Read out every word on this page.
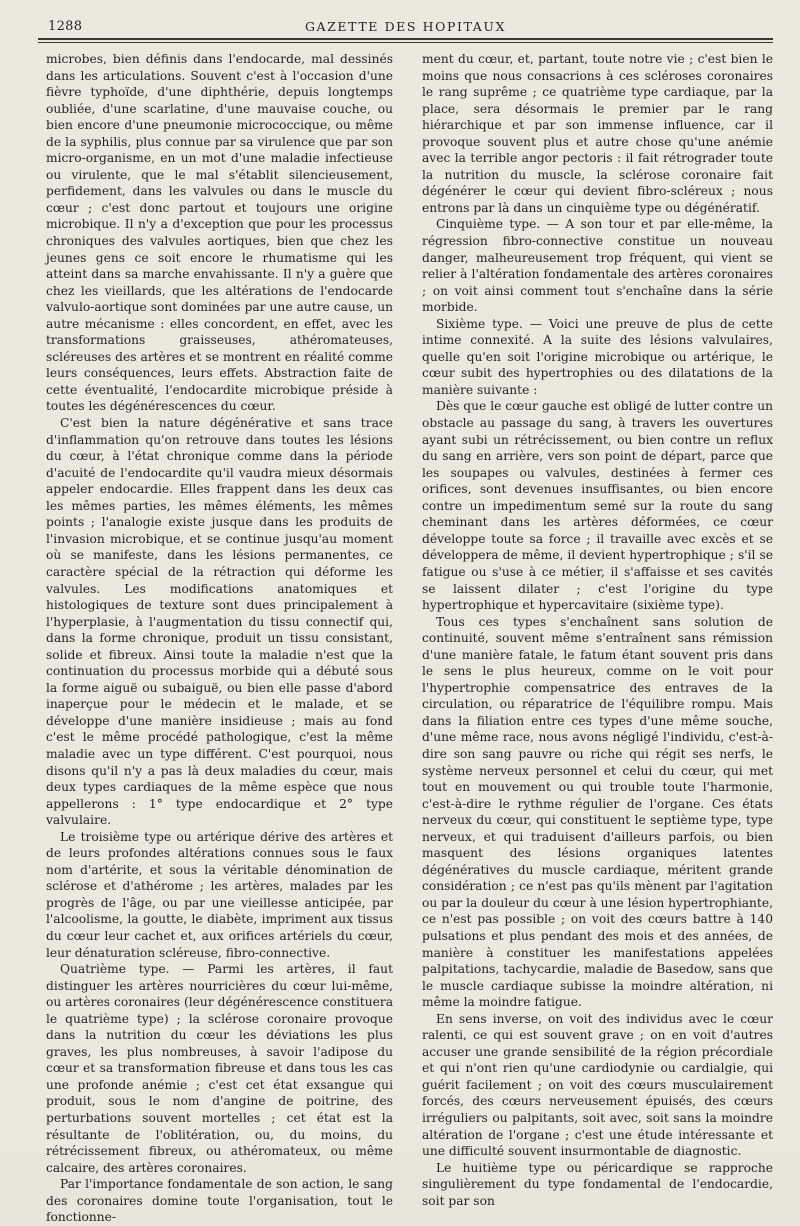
1288	GAZETTE DES HOPITAUX

microbes, bien définis dans l'endocarde, mal dessinés dans les articulations. Souvent c'est à l'occasion d'une fièvre typhoïde, d'une diphthérie, depuis longtemps oubliée, d'une scarlatine, d'une mauvaise couche, ou bien encore d'une pneumonie micrococcique, ou même de la syphilis, plus connue par sa virulence que par son micro-organisme, en un mot d'une maladie infectieuse ou virulente, que le mal s'établit silencieusement, perfidement, dans les valvules ou dans le muscle du cœur ; c'est donc partout et toujours une origine microbique. Il n'y a d'exception que pour les processus chroniques des valvules aortiques, bien que chez les jeunes gens ce soit encore le rhumatisme qui les atteint dans sa marche envahissante. Il n'y a guère que chez les vieillards, que les altérations de l'endocarde valvulo-aortique sont dominées par une autre cause, un autre mécanisme : elles concordent, en effet, avec les transformations graisseuses, athéromateuses, scléreuses des artères et se montrent en réalité comme leurs conséquences, leurs effets. Abstraction faite de cette éventualité, l'endocardite microbique préside à toutes les dégénérescences du cœur.

C'est bien la nature dégénérative et sans trace d'inflammation qu'on retrouve dans toutes les lésions du cœur, à l'état chronique comme dans la période d'acuité de l'endocardite qu'il vaudra mieux désormais appeler endocardie. Elles frappent dans les deux cas les mêmes parties, les mêmes éléments, les mêmes points ; l'analogie existe jusque dans les produits de l'invasion microbique, et se continue jusqu'au moment où se manifeste, dans les lésions permanentes, ce caractère spécial de la rétraction qui déforme les valvules. Les modifications anatomiques et histologiques de texture sont dues principalement à l'hyperplasie, à l'augmentation du tissu connectif qui, dans la forme chronique, produit un tissu consistant, solide et fibreux. Ainsi toute la maladie n'est que la continuation du processus morbide qui a débuté sous la forme aiguë ou subaiguë, ou bien elle passe d'abord inaperçue pour le médecin et le malade, et se développe d'une manière insidieuse ; mais au fond c'est le même procédé pathologique, c'est la même maladie avec un type différent. C'est pourquoi, nous disons qu'il n'y a pas là deux maladies du cœur, mais deux types cardiaques de la même espèce que nous appellerons : 1° type endocardique et 2° type valvulaire.

Le troisième type ou artérique dérive des artères et de leurs profondes altérations connues sous le faux nom d'artérite, et sous la véritable dénomination de sclérose et d'athérome ; les artères, malades par les progrès de l'âge, ou par une vieillesse anticipée, par l'alcoolisme, la goutte, le diabète, impriment aux tissus du cœur leur cachet et, aux orifices artériels du cœur, leur dénaturation scléreuse, fibro-connective.

Quatrième type. — Parmi les artères, il faut distinguer les artères nourricières du cœur lui-même, ou artères coronaires (leur dégénérescence constituera le quatrième type) ; la sclérose coronaire provoque dans la nutrition du cœur les déviations les plus graves, les plus nombreuses, à savoir l'adipose du cœur et sa transformation fibreuse et dans tous les cas une profonde anémie ; c'est cet état exsangue qui produit, sous le nom d'angine de poitrine, des perturbations souvent mortelles ; cet état est la résultante de l'oblitération, ou, du moins, du rétrécissement fibreux, ou athéromateux, ou même calcaire, des artères coronaires.

Par l'importance fondamentale de son action, le sang des coronaires domine toute l'organisation, tout le fonctionne-

ment du cœur, et, partant, toute notre vie ; c'est bien le moins que nous consacrions à ces scléroses coronaires le rang suprême ; ce quatrième type cardiaque, par la place, sera désormais le premier par le rang hiérarchique et par son immense influence, car il provoque souvent plus et autre chose qu'une anémie avec la terrible angor pectoris : il fait rétrograder toute la nutrition du muscle, la sclérose coronaire fait dégénérer le cœur qui devient fibro-scléreux ; nous entrons par là dans un cinquième type ou dégénératif.

Cinquième type. — A son tour et par elle-même, la régression fibro-connective constitue un nouveau danger, malheureusement trop fréquent, qui vient se relier à l'altération fondamentale des artères coronaires ; on voit ainsi comment tout s'enchaîne dans la série morbide.

Sixième type. — Voici une preuve de plus de cette intime connexité. A la suite des lésions valvulaires, quelle qu'en soit l'origine microbique ou artérique, le cœur subit des hypertrophies ou des dilatations de la manière suivante :

Dès que le cœur gauche est obligé de lutter contre un obstacle au passage du sang, à travers les ouvertures ayant subi un rétrécissement, ou bien contre un reflux du sang en arrière, vers son point de départ, parce que les soupapes ou valvules, destinées à fermer ces orifices, sont devenues insuffisantes, ou bien encore contre un impedimentum semé sur la route du sang cheminant dans les artères déformées, ce cœur développe toute sa force ; il travaille avec excès et se développera de même, il devient hypertrophique ; s'il se fatigue ou s'use à ce métier, il s'affaisse et ses cavités se laissent dilater ; c'est l'origine du type hypertrophique et hypercavitaire (sixième type).

Tous ces types s'enchaînent sans solution de continuité, souvent même s'entraînent sans rémission d'une manière fatale, le fatum étant souvent pris dans le sens le plus heureux, comme on le voit pour l'hypertrophie compensatrice des entraves de la circulation, ou réparatrice de l'équilibre rompu. Mais dans la filiation entre ces types d'une même souche, d'une même race, nous avons négligé l'individu, c'est-à-dire son sang pauvre ou riche qui régit ses nerfs, le système nerveux personnel et celui du cœur, qui met tout en mouvement ou qui trouble toute l'harmonie, c'est-à-dire le rythme régulier de l'organe. Ces états nerveux du cœur, qui constituent le septième type, type nerveux, et qui traduisent d'ailleurs parfois, ou bien masquent des lésions organiques latentes dégénératives du muscle cardiaque, méritent grande considération ; ce n'est pas qu'ils mènent par l'agitation ou par la douleur du cœur à une lésion hypertrophiante, ce n'est pas possible ; on voit des cœurs battre à 140 pulsations et plus pendant des mois et des années, de manière à constituer les manifestations appelées palpitations, tachycardie, maladie de Basedow, sans que le muscle cardiaque subisse la moindre altération, ni même la moindre fatigue.

En sens inverse, on voit des individus avec le cœur ralenti, ce qui est souvent grave ; on en voit d'autres accuser une grande sensibilité de la région précordiale et qui n'ont rien qu'une cardiodynie ou cardialgie, qui guérit facilement ; on voit des cœurs musculairement forcés, des cœurs nerveusement épuisés, des cœurs irréguliers ou palpitants, soit avec, soit sans la moindre altération de l'organe ; c'est une étude intéressante et une difficulté souvent insurmontable de diagnostic.

Le huitième type ou péricardique se rapproche singulièrement du type fondamental de l'endocardie, soit par son
